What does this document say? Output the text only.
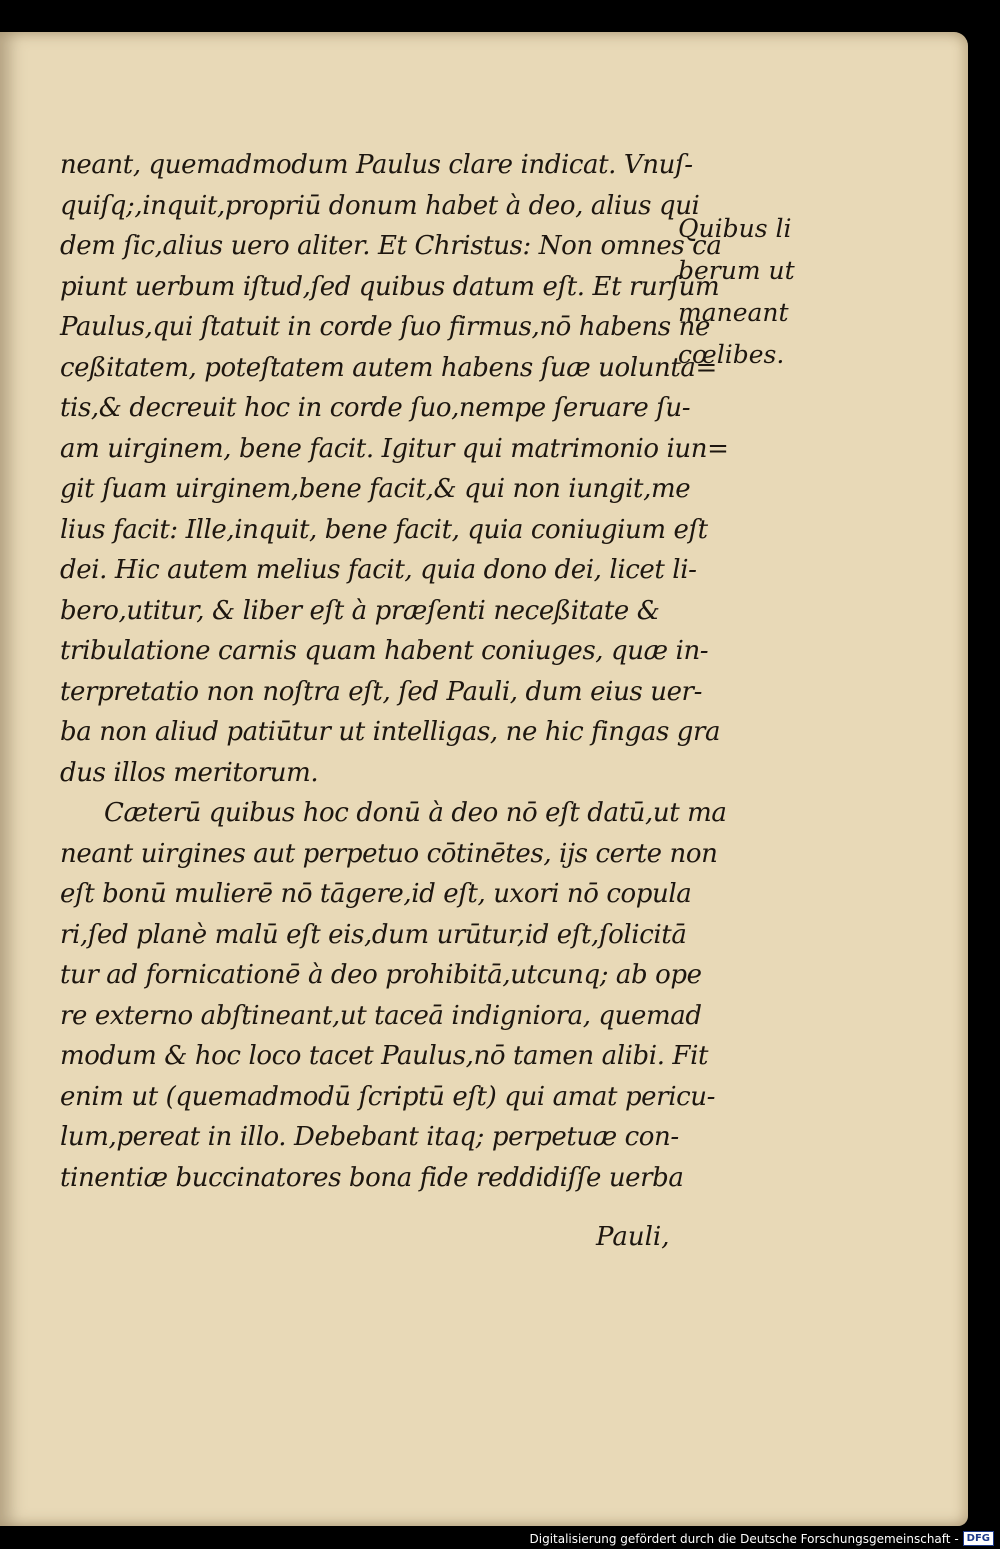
neant, quemadmodum Paulus clare indicat. Vnuſ-
quiſq;,inquit,propriū donum habet à deo, alius qui
dem ſic,alius uero aliter. Et Christus: Non omnes ca
piunt uerbum iſtud,ſed quibus datum eſt. Et rurſum
Paulus,qui ſtatuit in corde ſuo firmus,nō habens ne
ceßitatem, poteſtatem autem habens ſuæ uolunta=
tis,& decreuit hoc in corde ſuo,nempe ſeruare ſu-
am uirginem, bene facit. Igitur qui matrimonio iun=
git ſuam uirginem,bene facit,& qui non iungit,me
lius facit: Ille,inquit, bene facit, quia coniugium eſt
dei. Hic autem melius facit, quia dono dei, licet li-
bero,utitur, & liber eſt à præſenti neceßitate &
tribulatione carnis quam habent coniuges, quæ in-
terpretatio non noſtra eſt, ſed Pauli, dum eius uer-
ba non aliud patiūtur ut intelligas, ne hic fingas gra
dus illos meritorum.
Cæterū quibus hoc donū à deo nō eſt datū,ut ma
neant uirgines aut perpetuo cōtinētes, ijs certe non
eſt bonū mulierē nō tāgere,id eſt, uxori nō copula
ri,ſed planè malū eſt eis,dum urūtur,id eſt,ſolicitā
tur ad fornicationē à deo prohibitā,utcunq; ab ope
re externo abſtineant,ut taceā indigniora, quemad
modum & hoc loco tacet Paulus,nō tamen alibi. Fit
enim ut (quemadmodū ſcriptū eſt) qui amat pericu-
lum,pereat in illo. Debebant itaq; perpetuæ con-
tinentiæ buccinatores bona fide reddidiſſe uerba
Pauli,
Quibus li
berum ut
maneant
cœlibes.
Digitalisierung gefördert durch die Deutsche Forschungsgemeinschaft - DFG
